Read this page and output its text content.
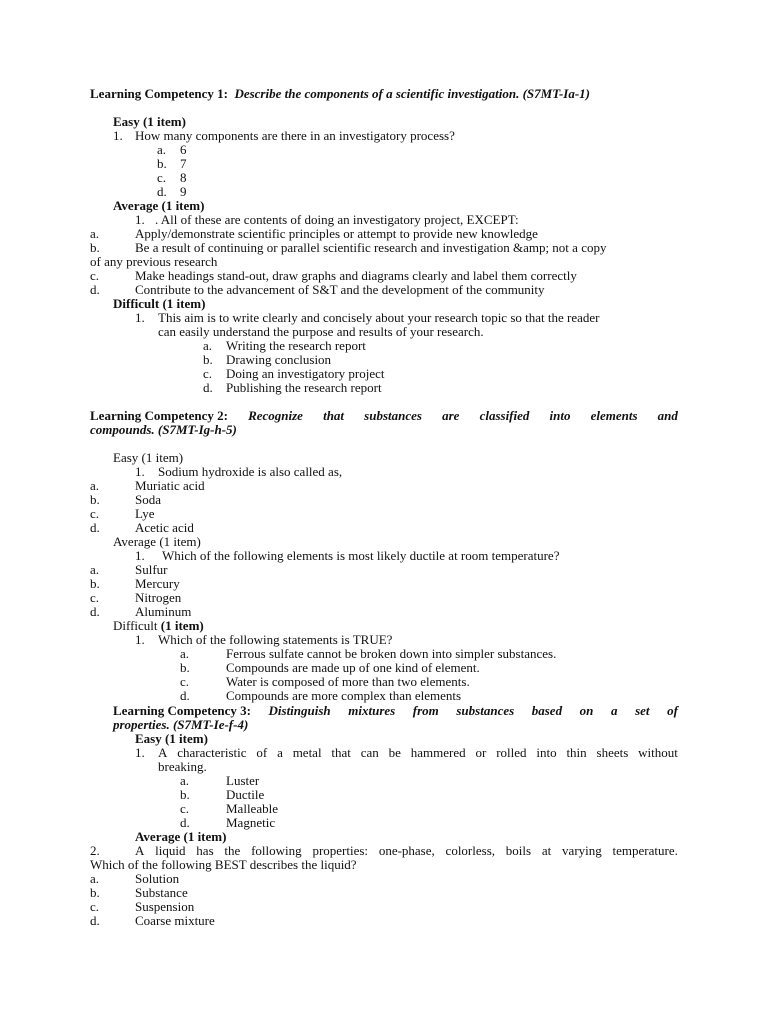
Learning Competency 1: Describe the components of a scientific investigation. (S7MT-Ia-1)
Easy (1 item)
1. How many components are there in an investigatory process?
a. 6
b. 7
c. 8
d. 9
Average (1 item)
1. . All of these are contents of doing an investigatory project, EXCEPT:
a.	Apply/demonstrate scientific principles or attempt to provide new knowledge
b.	Be a result of continuing or parallel scientific research and investigation &amp; not a copy
of any previous research
c.	Make headings stand-out, draw graphs and diagrams clearly and label them correctly
d.	Contribute to the advancement of S&T and the development of the community
Difficult (1 item)
1. This aim is to write clearly and concisely about your research topic so that the reader
can easily understand the purpose and results of your research.
a. Writing the research report
b. Drawing conclusion
c. Doing an investigatory project
d. Publishing the research report
Learning Competency 2: Recognize that substances are classified into elements and
compounds. (S7MT-Ig-h-5)
Easy (1 item)
1. Sodium hydroxide is also called as,
a.	Muriatic acid
b.	Soda
c.	Lye
d.	Acetic acid
Average (1 item)
1. Which of the following elements is most likely ductile at room temperature?
a.	Sulfur
b.	Mercury
c.	Nitrogen
d.	Aluminum
Difficult (1 item)
1. Which of the following statements is TRUE?
a.	Ferrous sulfate cannot be broken down into simpler substances.
b.	Compounds are made up of one kind of element.
c.	Water is composed of more than two elements.
d.	Compounds are more complex than elements
Learning Competency 3: Distinguish mixtures from substances based on a set of
properties. (S7MT-Ie-f-4)
Easy (1 item)
1. A characteristic of a metal that can be hammered or rolled into thin sheets without
breaking.
a.	Luster
b.	Ductile
c.	Malleable
d.	Magnetic
Average (1 item)
2.	A liquid has the following properties: one-phase, colorless, boils at varying temperature.
Which of the following BEST describes the liquid?
a.	Solution
b.	Substance
c.	Suspension
d.	Coarse mixture
